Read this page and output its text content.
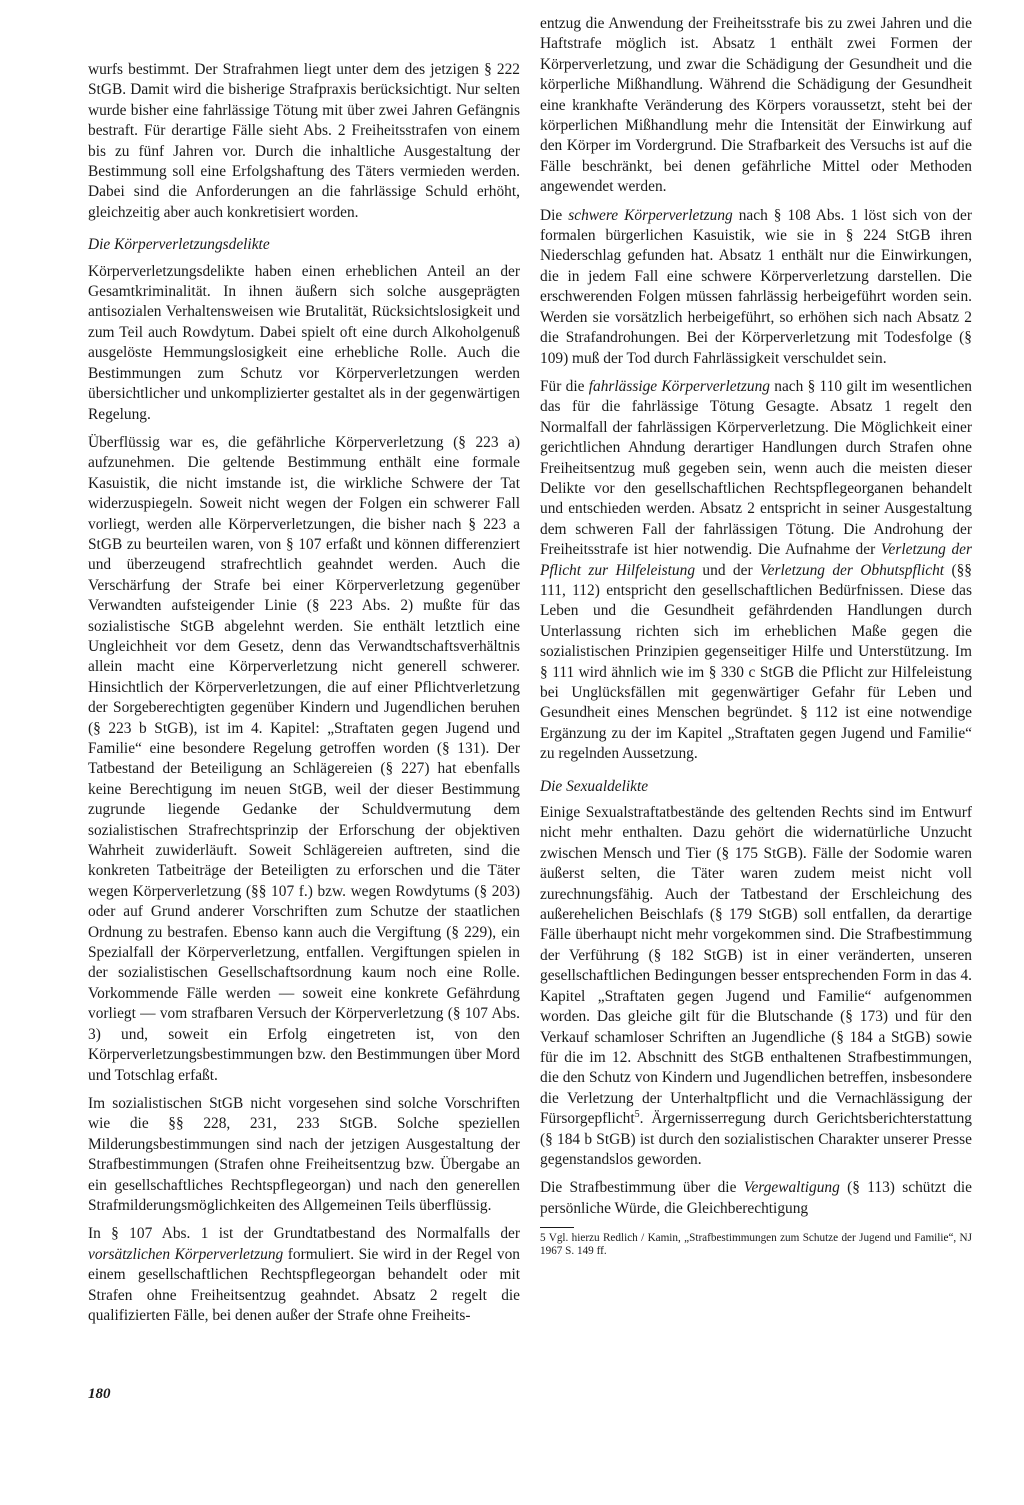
wurfs bestimmt. Der Strafrahmen liegt unter dem des jetzigen § 222 StGB. Damit wird die bisherige Strafpraxis berücksichtigt. Nur selten wurde bisher eine fahrlässige Tötung mit über zwei Jahren Gefängnis bestraft. Für derartige Fälle sieht Abs. 2 Freiheitsstrafen von einem bis zu fünf Jahren vor. Durch die inhaltliche Ausgestaltung der Bestimmung soll eine Erfolgshaftung des Täters vermieden werden. Dabei sind die Anforderungen an die fahrlässige Schuld erhöht, gleichzeitig aber auch konkretisiert worden.

Die Körperverletzungsdelikte

Körperverletzungsdelikte haben einen erheblichen Anteil an der Gesamtkriminalität. In ihnen äußern sich solche ausgeprägten antisozialen Verhaltensweisen wie Brutalität, Rücksichtslosigkeit und zum Teil auch Rowdytum. Dabei spielt oft eine durch Alkoholgenuß ausgelöste Hemmungslosigkeit eine erhebliche Rolle. Auch die Bestimmungen zum Schutz vor Körperverletzungen werden übersichtlicher und unkomplizierter gestaltet als in der gegenwärtigen Regelung.

Überflüssig war es, die gefährliche Körperverletzung (§ 223 a) aufzunehmen. Die geltende Bestimmung enthält eine formale Kasuistik, die nicht imstande ist, die wirkliche Schwere der Tat widerzuspiegeln. Soweit nicht wegen der Folgen ein schwerer Fall vorliegt, werden alle Körperverletzungen, die bisher nach § 223 a StGB zu beurteilen waren, von § 107 erfaßt und können differenziert und überzeugend strafrechtlich geahndet werden. Auch die Verschärfung der Strafe bei einer Körperverletzung gegenüber Verwandten aufsteigender Linie (§ 223 Abs. 2) mußte für das sozialistische StGB abgelehnt werden. Sie enthält letztlich eine Ungleichheit vor dem Gesetz, denn das Verwandtschaftsverhältnis allein macht eine Körperverletzung nicht generell schwerer. Hinsichtlich der Körperverletzungen, die auf einer Pflichtverletzung der Sorgeberechtigten gegenüber Kindern und Jugendlichen beruhen (§ 223 b StGB), ist im 4. Kapitel: „Straftaten gegen Jugend und Familie“ eine besondere Regelung getroffen worden (§ 131). Der Tatbestand der Beteiligung an Schlägereien (§ 227) hat ebenfalls keine Berechtigung im neuen StGB, weil der dieser Bestimmung zugrunde liegende Gedanke der Schuldvermutung dem sozialistischen Strafrechtsprinzip der Erforschung der objektiven Wahrheit zuwiderläuft. Soweit Schlägereien auftreten, sind die konkreten Tatbeiträge der Beteiligten zu erforschen und die Täter wegen Körperverletzung (§§ 107 f.) bzw. wegen Rowdytums (§ 203) oder auf Grund anderer Vorschriften zum Schutze der staatlichen Ordnung zu bestrafen. Ebenso kann auch die Vergiftung (§ 229), ein Spezialfall der Körperverletzung, entfallen. Vergiftungen spielen in der sozialistischen Gesellschaftsordnung kaum noch eine Rolle. Vorkommende Fälle werden — soweit eine konkrete Gefährdung vorliegt — vom strafbaren Versuch der Körperverletzung (§ 107 Abs. 3) und, soweit ein Erfolg eingetreten ist, von den Körperverletzungsbestimmungen bzw. den Bestimmungen über Mord und Totschlag erfaßt.

Im sozialistischen StGB nicht vorgesehen sind solche Vorschriften wie die §§ 228, 231, 233 StGB. Solche speziellen Milderungsbestimmungen sind nach der jetzigen Ausgestaltung der Strafbestimmungen (Strafen ohne Freiheitsentzug bzw. Übergabe an ein gesellschaftliches Rechtspflegeorgan) und nach den generellen Strafmilderungsmöglichkeiten des Allgemeinen Teils überflüssig.

In § 107 Abs. 1 ist der Grundtatbestand des Normalfalls der vorsätzlichen Körperverletzung formuliert. Sie wird in der Regel von einem gesellschaftlichen Rechtspflegeorgan behandelt oder mit Strafen ohne Freiheitsentzug geahndet. Absatz 2 regelt die qualifizierten Fälle, bei denen außer der Strafe ohne Freiheits-

entzug die Anwendung der Freiheitsstrafe bis zu zwei Jahren und die Haftstrafe möglich ist. Absatz 1 enthält zwei Formen der Körperverletzung, und zwar die Schädigung der Gesundheit und die körperliche Mißhandlung. Während die Schädigung der Gesundheit eine krankhafte Veränderung des Körpers voraussetzt, steht bei der körperlichen Mißhandlung mehr die Intensität der Einwirkung auf den Körper im Vordergrund. Die Strafbarkeit des Versuchs ist auf die Fälle beschränkt, bei denen gefährliche Mittel oder Methoden angewendet werden.

Die schwere Körperverletzung nach § 108 Abs. 1 löst sich von der formalen bürgerlichen Kasuistik, wie sie in § 224 StGB ihren Niederschlag gefunden hat. Absatz 1 enthält nur die Einwirkungen, die in jedem Fall eine schwere Körperverletzung darstellen. Die erschwerenden Folgen müssen fahrlässig herbeigeführt worden sein. Werden sie vorsätzlich herbeigeführt, so erhöhen sich nach Absatz 2 die Strafandrohungen. Bei der Körperverletzung mit Todesfolge (§ 109) muß der Tod durch Fahrlässigkeit verschuldet sein.

Für die fahrlässige Körperverletzung nach § 110 gilt im wesentlichen das für die fahrlässige Tötung Gesagte. Absatz 1 regelt den Normalfall der fahrlässigen Körperverletzung. Die Möglichkeit einer gerichtlichen Ahndung derartiger Handlungen durch Strafen ohne Freiheitsentzug muß gegeben sein, wenn auch die meisten dieser Delikte vor den gesellschaftlichen Rechtspflegeorganen behandelt und entschieden werden. Absatz 2 entspricht in seiner Ausgestaltung dem schweren Fall der fahrlässigen Tötung. Die Androhung der Freiheitsstrafe ist hier notwendig. Die Aufnahme der Verletzung der Pflicht zur Hilfeleistung und der Verletzung der Obhutspflicht (§§ 111, 112) entspricht den gesellschaftlichen Bedürfnissen. Diese das Leben und die Gesundheit gefährdenden Handlungen durch Unterlassung richten sich im erheblichen Maße gegen die sozialistischen Prinzipien gegenseitiger Hilfe und Unterstützung. Im § 111 wird ähnlich wie im § 330 c StGB die Pflicht zur Hilfeleistung bei Unglücksfällen mit gegenwärtiger Gefahr für Leben und Gesundheit eines Menschen begründet. § 112 ist eine notwendige Ergänzung zu der im Kapitel „Straftaten gegen Jugend und Familie“ zu regelnden Aussetzung.

Die Sexualdelikte

Einige Sexualstraftatbestände des geltenden Rechts sind im Entwurf nicht mehr enthalten. Dazu gehört die widernatürliche Unzucht zwischen Mensch und Tier (§ 175 StGB). Fälle der Sodomie waren äußerst selten, die Täter waren zudem meist nicht voll zurechnungsfähig. Auch der Tatbestand der Erschleichung des außerehelichen Beischlafs (§ 179 StGB) soll entfallen, da derartige Fälle überhaupt nicht mehr vorgekommen sind. Die Strafbestimmung der Verführung (§ 182 StGB) ist in einer veränderten, unseren gesellschaftlichen Bedingungen besser entsprechenden Form in das 4. Kapitel „Straftaten gegen Jugend und Familie“ aufgenommen worden. Das gleiche gilt für die Blutschande (§ 173) und für den Verkauf schamloser Schriften an Jugendliche (§ 184 a StGB) sowie für die im 12. Abschnitt des StGB enthaltenen Strafbestimmungen, die den Schutz von Kindern und Jugendlichen betreffen, insbesondere die Verletzung der Unterhaltpflicht und die Vernachlässigung der Fürsorgepflicht$^5$. Ärgernisserregung durch Gerichtsberichterstattung (§ 184 b StGB) ist durch den sozialistischen Charakter unserer Presse gegenstandslos geworden.

Die Strafbestimmung über die Vergewaltigung (§ 113) schützt die persönliche Würde, die Gleichberechtigung

5 Vgl. hierzu Redlich / Kamin, „Strafbestimmungen zum Schutze der Jugend und Familie“, NJ 1967 S. 149 ff.

180
